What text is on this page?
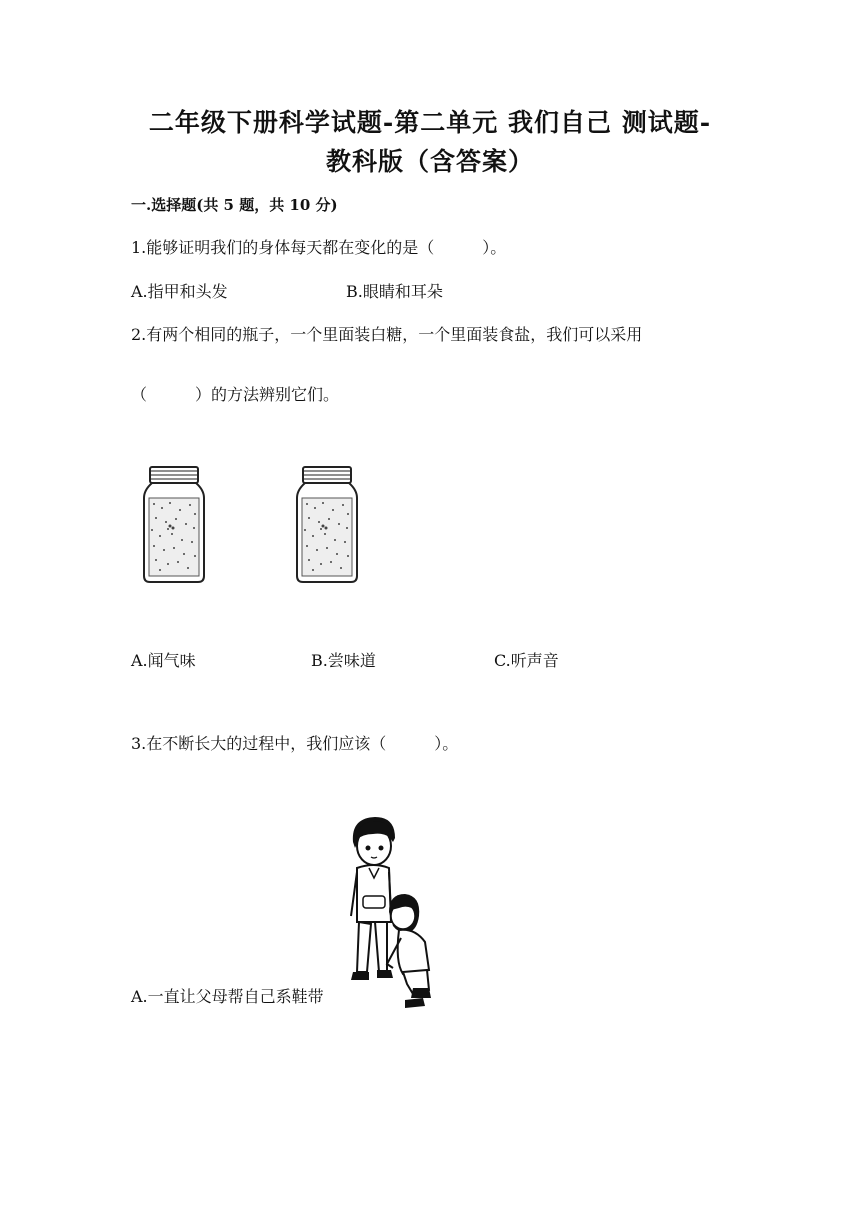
二年级下册科学试题-第二单元 我们自己 测试题-
教科版（含答案）
一.选择题(共 5 题，共 10 分)
1.能够证明我们的身体每天都在变化的是（　　　）。
A.指甲和头发	B.眼睛和耳朵
2.有两个相同的瓶子，一个里面装白糖，一个里面装食盐，我们可以采用
（　　　）的方法辨别它们。
A.闻气味	B.尝味道	C.听声音
3.在不断长大的过程中，我们应该（　　　）。
A.一直让父母帮自己系鞋带
